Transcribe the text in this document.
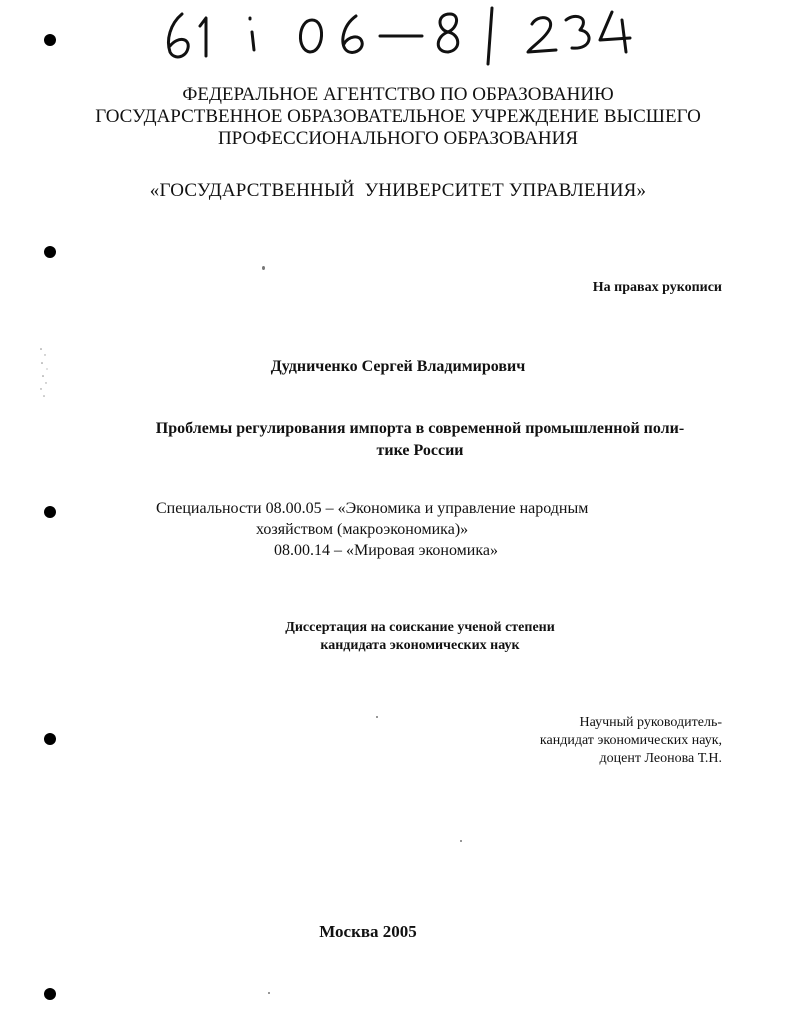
ФЕДЕРАЛЬНОЕ АГЕНТСТВО ПО ОБРАЗОВАНИЮ
ГОСУДАРСТВЕННОЕ ОБРАЗОВАТЕЛЬНОЕ УЧРЕЖДЕНИЕ ВЫСШЕГО
ПРОФЕССИОНАЛЬНОГО ОБРАЗОВАНИЯ
«ГОСУДАРСТВЕННЫЙ  УНИВЕРСИТЕТ УПРАВЛЕНИЯ»
На правах рукописи
Дудниченко Сергей Владимирович
Проблемы регулирования импорта в современной промышленной поли-
тике России
Специальности 08.00.05 – «Экономика и управление народным
хозяйством (макроэкономика)»
08.00.14 – «Мировая экономика»
Диссертация на соискание ученой степени
кандидата экономических наук
Научный руководитель-
кандидат экономических наук,
доцент Леонова Т.Н.
Москва 2005
